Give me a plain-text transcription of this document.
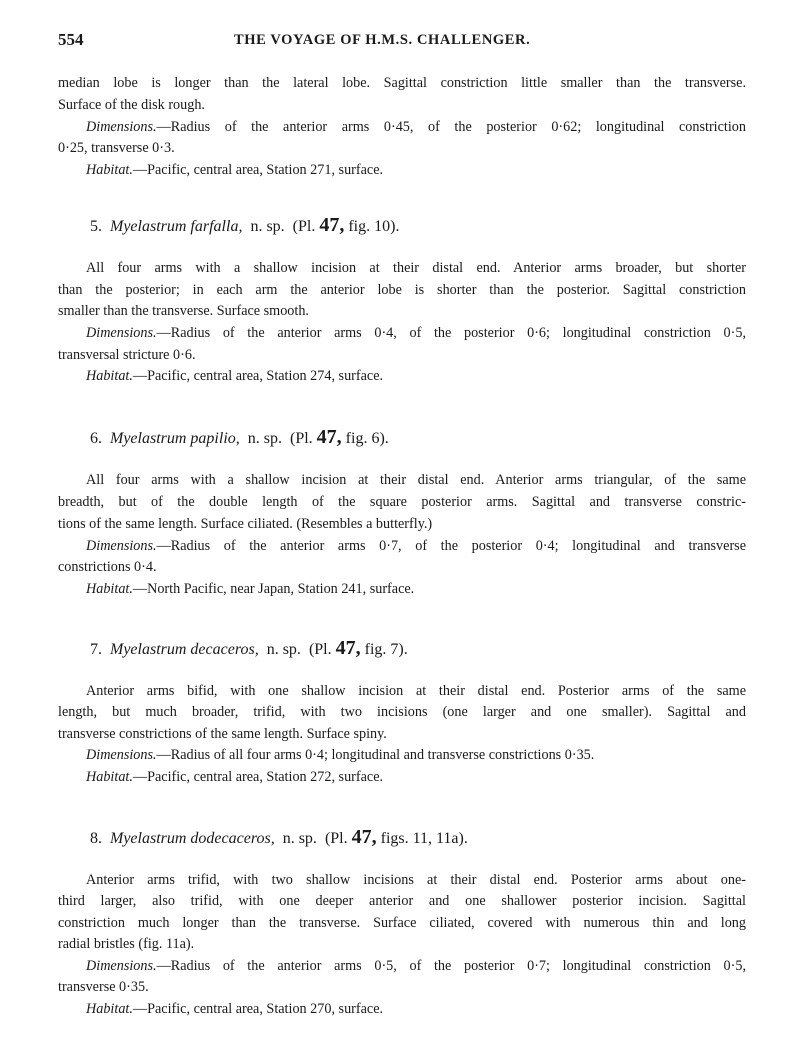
554	THE VOYAGE OF H.M.S. CHALLENGER.
median lobe is longer than the lateral lobe. Sagittal constriction little smaller than the transverse.
Surface of the disk rough.
Dimensions.—Radius of the anterior arms 0·45, of the posterior 0·62; longitudinal constriction
0·25, transverse 0·3.
Habitat.—Pacific, central area, Station 271, surface.
5. Myelastrum farfalla, n. sp. (Pl. 47, fig. 10).
All four arms with a shallow incision at their distal end. Anterior arms broader, but shorter
than the posterior; in each arm the anterior lobe is shorter than the posterior. Sagittal constriction
smaller than the transverse. Surface smooth.
Dimensions.—Radius of the anterior arms 0·4, of the posterior 0·6; longitudinal constriction 0·5,
transversal stricture 0·6.
Habitat.—Pacific, central area, Station 274, surface.
6. Myelastrum papilio, n. sp. (Pl. 47, fig. 6).
All four arms with a shallow incision at their distal end. Anterior arms triangular, of the same
breadth, but of the double length of the square posterior arms. Sagittal and transverse constric-
tions of the same length. Surface ciliated. (Resembles a butterfly.)
Dimensions.—Radius of the anterior arms 0·7, of the posterior 0·4; longitudinal and transverse
constrictions 0·4.
Habitat.—North Pacific, near Japan, Station 241, surface.
7. Myelastrum decaceros, n. sp. (Pl. 47, fig. 7).
Anterior arms bifid, with one shallow incision at their distal end. Posterior arms of the same
length, but much broader, trifid, with two incisions (one larger and one smaller). Sagittal and
transverse constrictions of the same length. Surface spiny.
Dimensions.—Radius of all four arms 0·4; longitudinal and transverse constrictions 0·35.
Habitat.—Pacific, central area, Station 272, surface.
8. Myelastrum dodecaceros, n. sp. (Pl. 47, figs. 11, 11a).
Anterior arms trifid, with two shallow incisions at their distal end. Posterior arms about one-
third larger, also trifid, with one deeper anterior and one shallower posterior incision. Sagittal
constriction much longer than the transverse. Surface ciliated, covered with numerous thin and long
radial bristles (fig. 11a).
Dimensions.—Radius of the anterior arms 0·5, of the posterior 0·7; longitudinal constriction 0·5,
transverse 0·35.
Habitat.—Pacific, central area, Station 270, surface.
